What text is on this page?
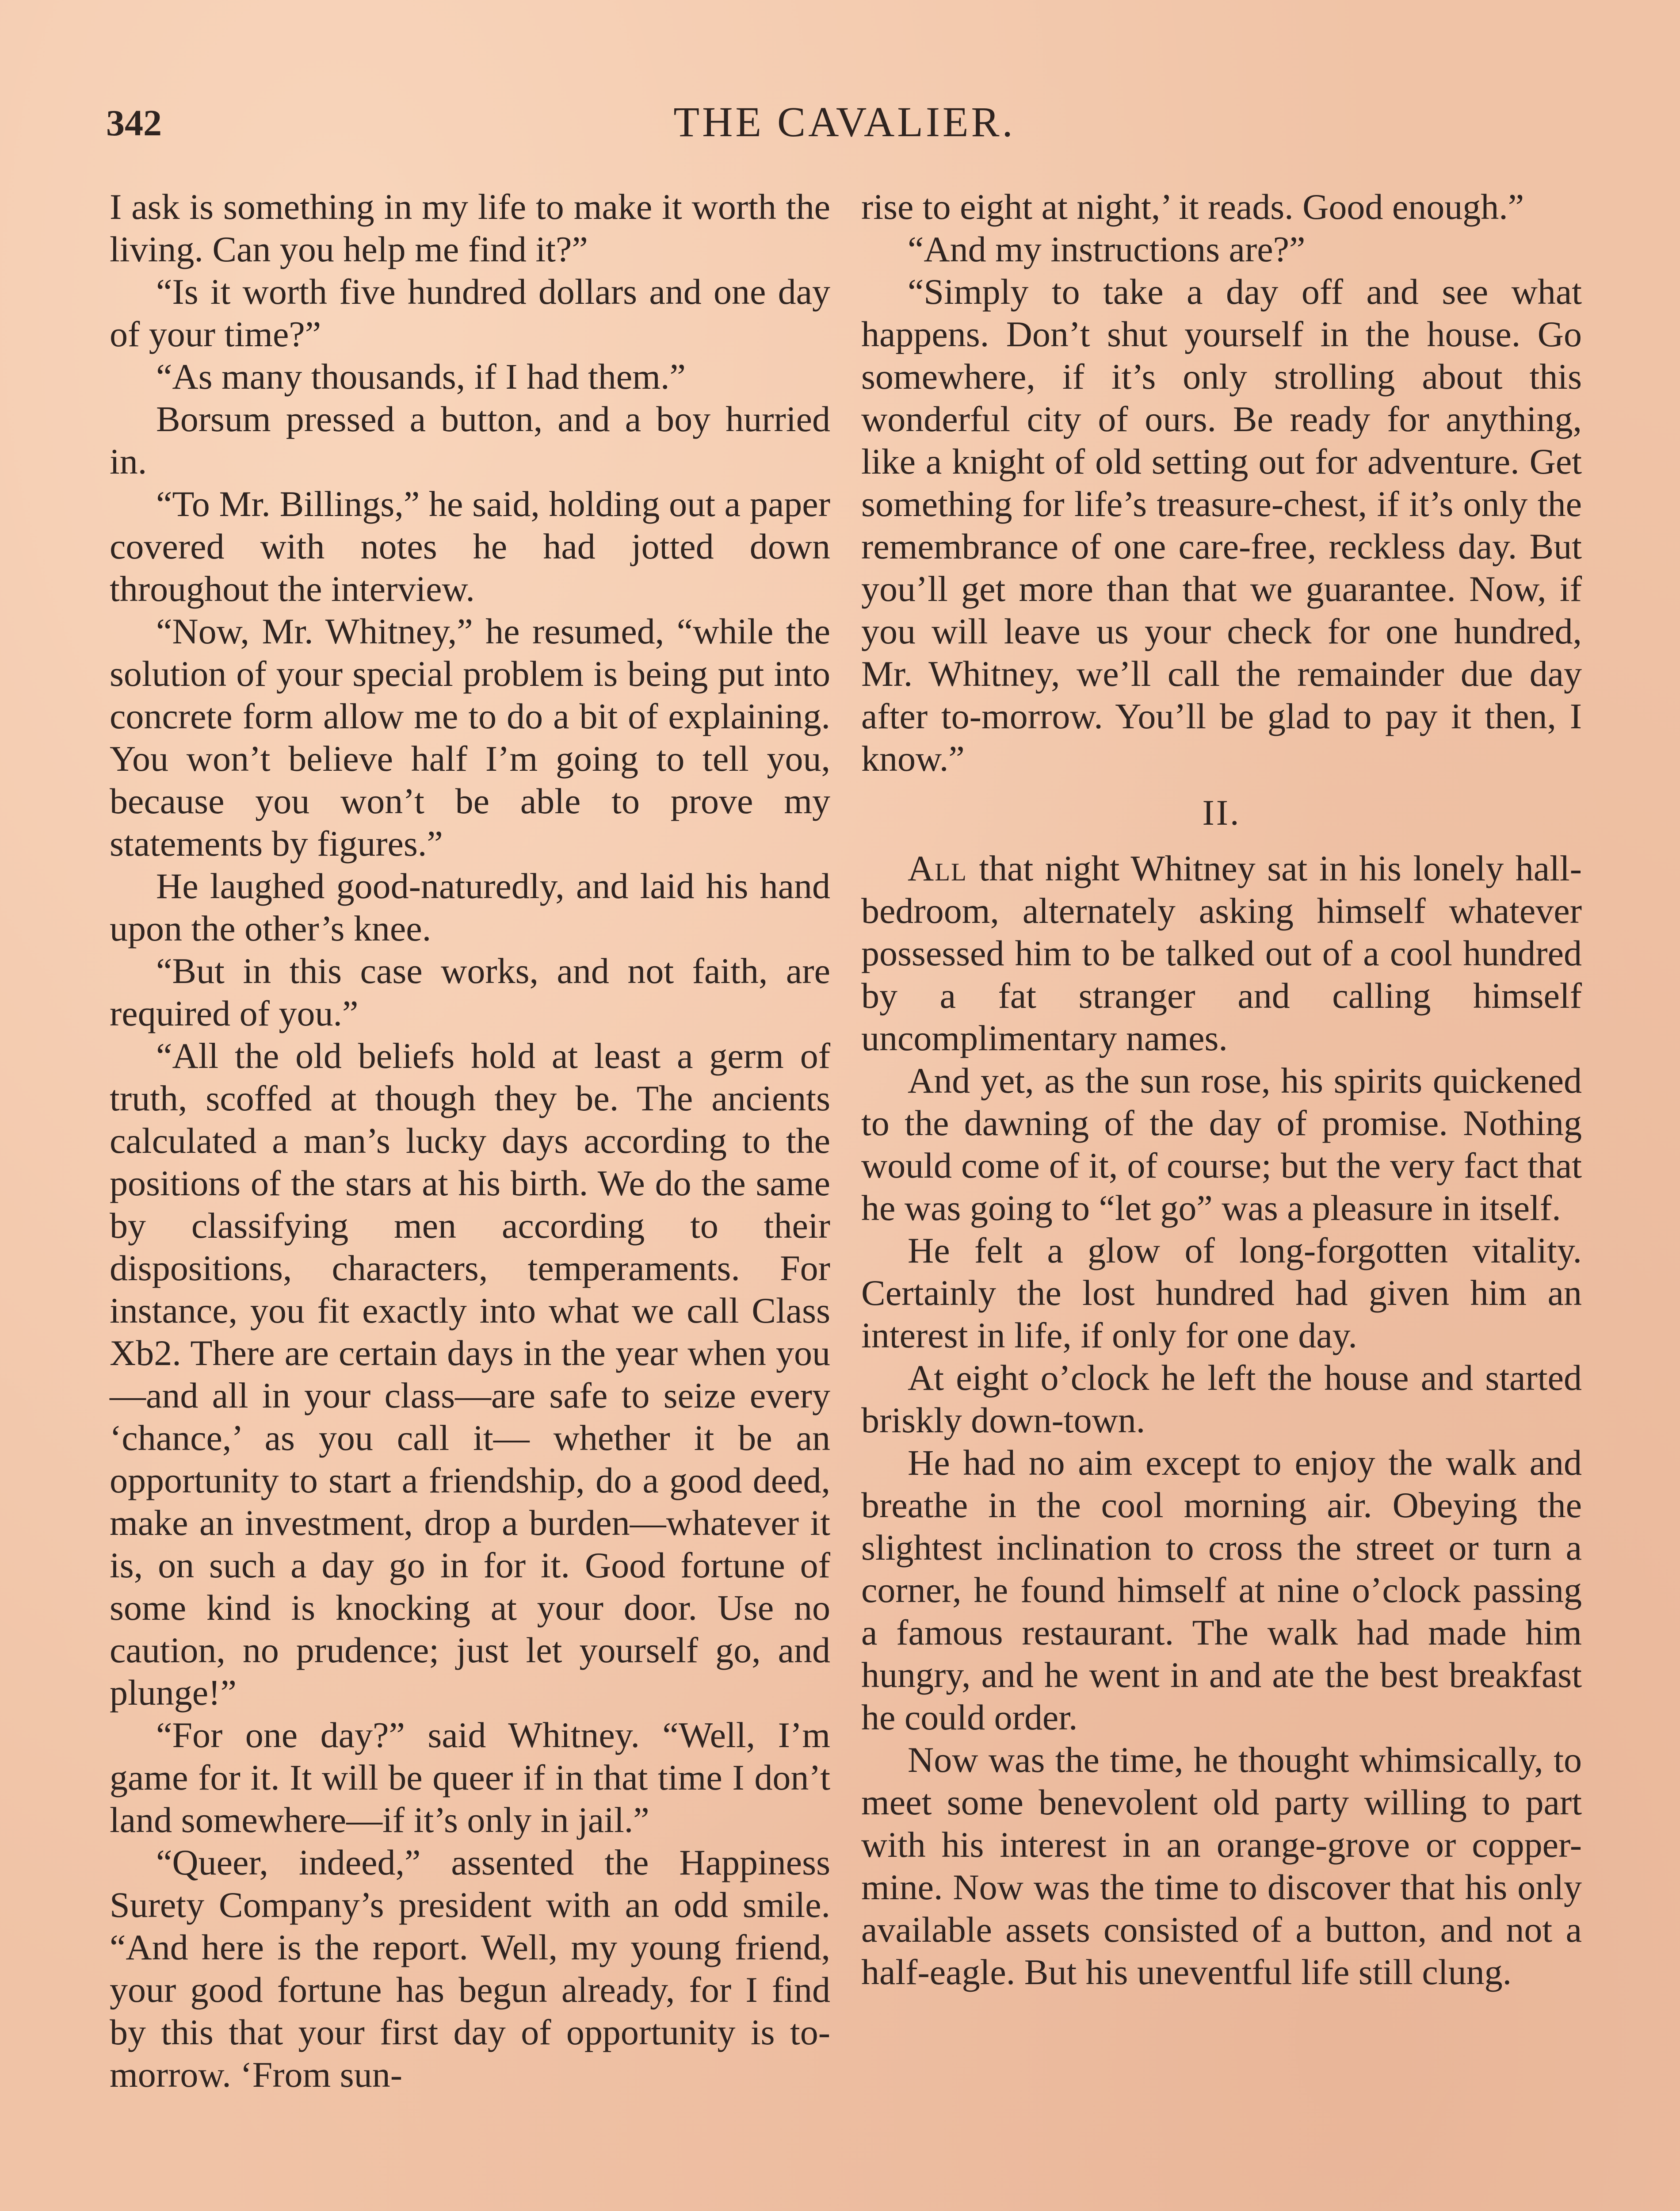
342	THE CAVALIER.

I ask is something in my life to make it worth the living. Can you help me find it?”

“Is it worth five hundred dollars and one day of your time?”

“As many thousands, if I had them.”

Borsum pressed a button, and a boy hurried in.

“To Mr. Billings,” he said, holding out a paper covered with notes he had jotted down throughout the interview.

“Now, Mr. Whitney,” he resumed, “while the solution of your special problem is being put into concrete form allow me to do a bit of explaining. You won’t believe half I’m going to tell you, because you won’t be able to prove my statements by figures.”

He laughed good-naturedly, and laid his hand upon the other’s knee.

“But in this case works, and not faith, are required of you.”

“All the old beliefs hold at least a germ of truth, scoffed at though they be. The ancients calculated a man’s lucky days according to the positions of the stars at his birth. We do the same by classifying men according to their dispositions, characters, temperaments. For instance, you fit exactly into what we call Class Xb2. There are certain days in the year when you —and all in your class—are safe to seize every ‘chance,’ as you call it— whether it be an opportunity to start a friendship, do a good deed, make an investment, drop a burden—whatever it is, on such a day go in for it. Good fortune of some kind is knocking at your door. Use no caution, no prudence; just let yourself go, and plunge!”

“For one day?” said Whitney. “Well, I’m game for it. It will be queer if in that time I don’t land somewhere—if it’s only in jail.”

“Queer, indeed,” assented the Happiness Surety Company’s president with an odd smile. “And here is the report. Well, my young friend, your good fortune has begun already, for I find by this that your first day of opportunity is to-morrow. ‘From sun-

rise to eight at night,’ it reads. Good enough.”

“And my instructions are?”

“Simply to take a day off and see what happens. Don’t shut yourself in the house. Go somewhere, if it’s only strolling about this wonderful city of ours. Be ready for anything, like a knight of old setting out for adventure. Get something for life’s treasure-chest, if it’s only the remembrance of one care-free, reckless day. But you’ll get more than that we guarantee. Now, if you will leave us your check for one hundred, Mr. Whitney, we’ll call the remainder due day after to-morrow. You’ll be glad to pay it then, I know.”

II.

All that night Whitney sat in his lonely hall-bedroom, alternately asking himself whatever possessed him to be talked out of a cool hundred by a fat stranger and calling himself uncomplimentary names.

And yet, as the sun rose, his spirits quickened to the dawning of the day of promise. Nothing would come of it, of course; but the very fact that he was going to “let go” was a pleasure in itself.

He felt a glow of long-forgotten vitality. Certainly the lost hundred had given him an interest in life, if only for one day.

At eight o’clock he left the house and started briskly down-town.

He had no aim except to enjoy the walk and breathe in the cool morning air. Obeying the slightest inclination to cross the street or turn a corner, he found himself at nine o’clock passing a famous restaurant. The walk had made him hungry, and he went in and ate the best breakfast he could order.

Now was the time, he thought whimsically, to meet some benevolent old party willing to part with his interest in an orange-grove or copper-mine. Now was the time to discover that his only available assets consisted of a button, and not a half-eagle. But his uneventful life still clung.
